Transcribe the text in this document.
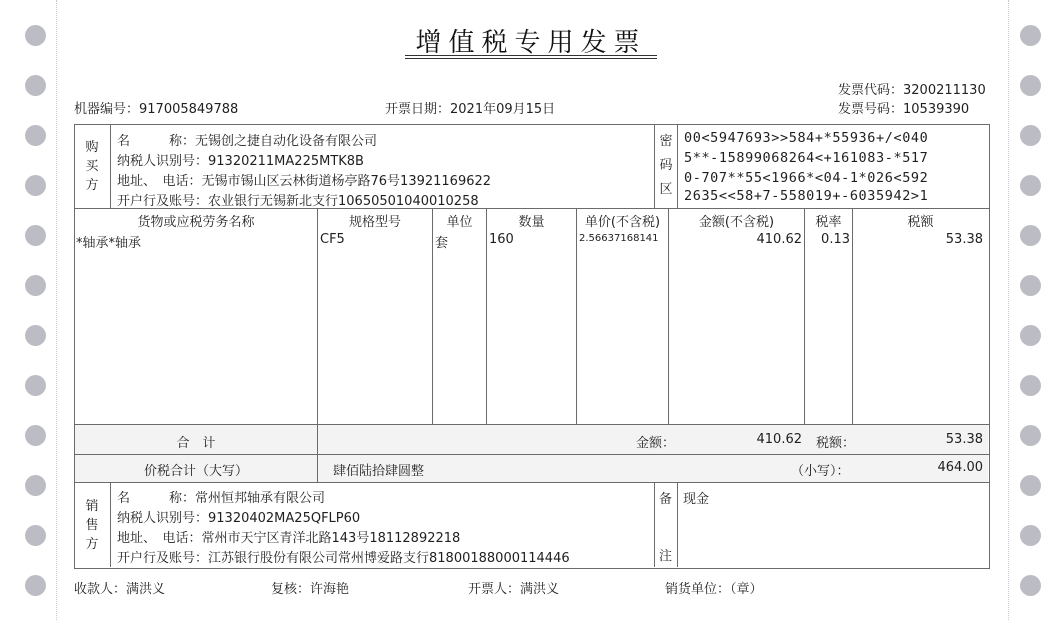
增值税专用发票
发票代码：3200211130
机器编号：917005849788	开票日期：2021年09月15日	发票号码：10539390
购
买
方
名　　　称：无锡创之捷自动化设备有限公司
纳税人识别号：91320211MA225MTK8B
地址、　电话：无锡市锡山区云林街道杨亭路76号13921169622
开户行及账号：农业银行无锡新北支行10650501040010258
密
码
区
00<5947693>>584+*55936+/<040
5**-15899068264<+161083-*517
0-707**55<1966*<04-1*026<592
2635<<58+7-558019+-6035942>1
货物或应税劳务名称	规格型号	单位	数量	单价(不含税)	金额(不含税)	税率	税额
*轴承*轴承	CF5	套	160	2.56637168141	410.62	0.13	53.38
合　计	金额：	410.62 税额：	53.38
价税合计（大写）	肆佰陆拾肆圆整	（小写）：	464.00
销
售
方
名　　　称：常州恒邦轴承有限公司
纳税人识别号：91320402MA25QFLP60
地址、　电话：常州市天宁区青洋北路143号18112892218
开户行及账号：江苏银行股份有限公司常州博爱路支行81800188000114446
备
注
现金
收款人：满洪义	复核：许海艳	开票人：满洪义	销货单位：（章）
